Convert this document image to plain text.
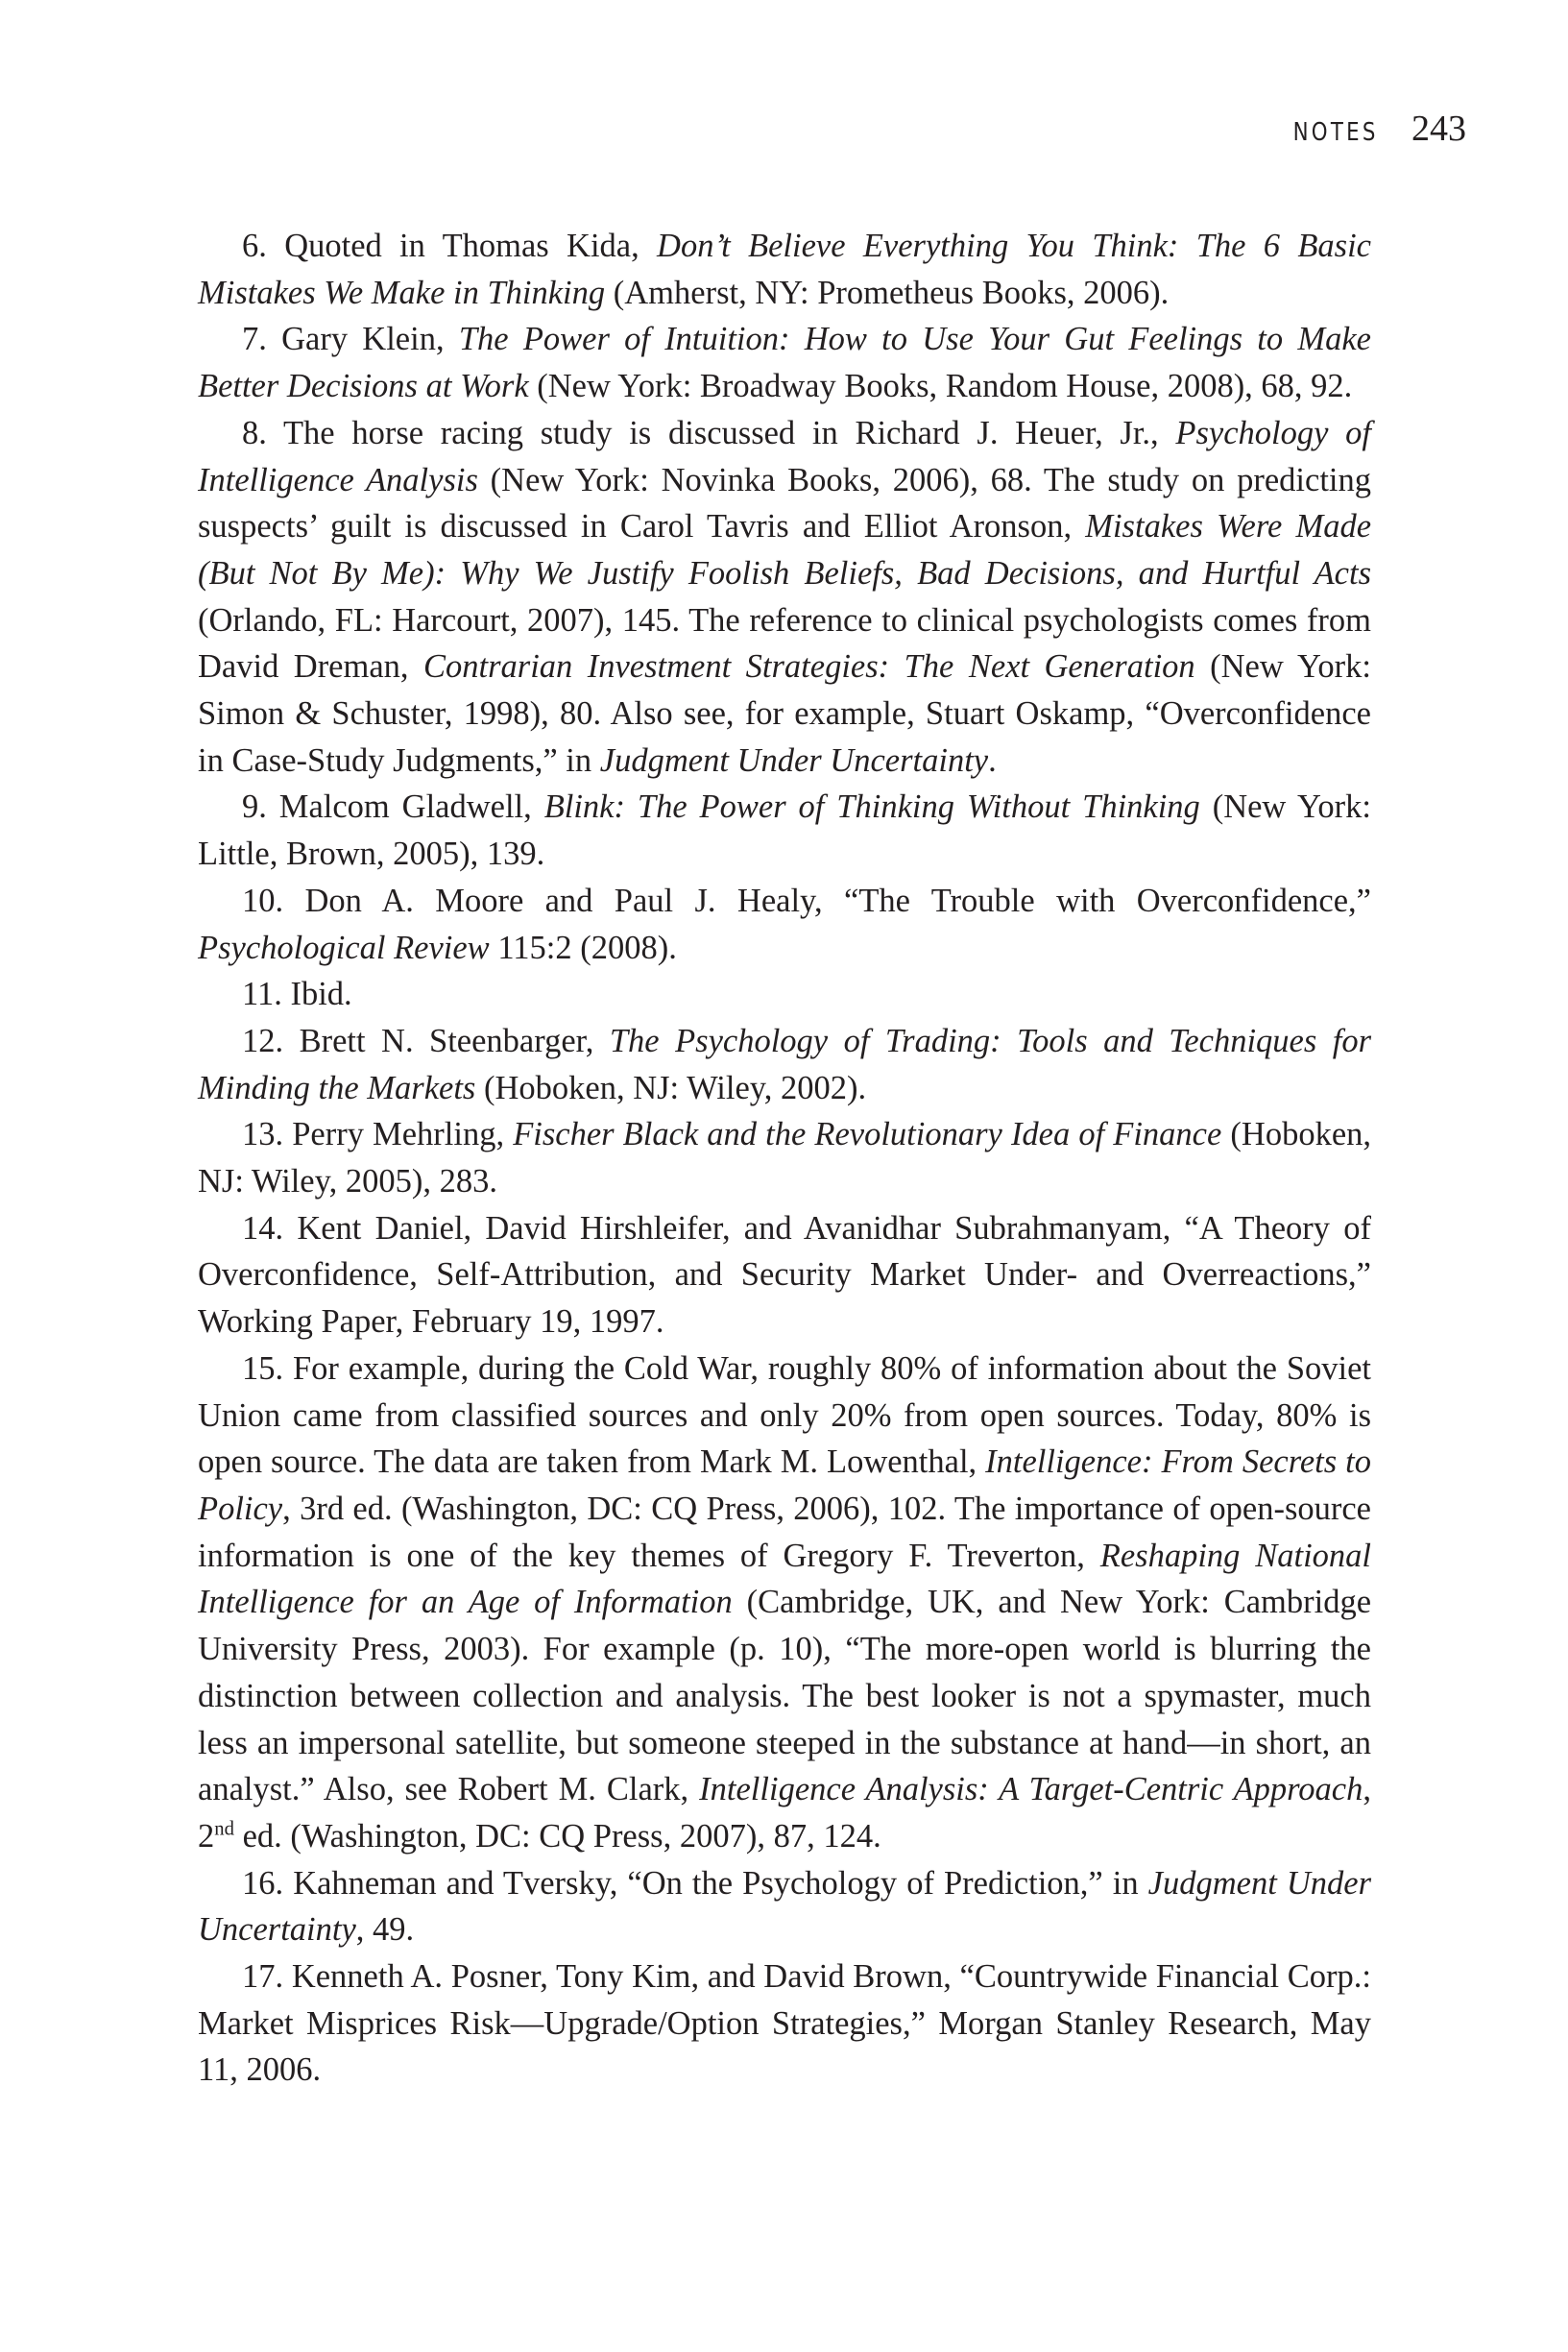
NOTES 243

6. Quoted in Thomas Kida, Don’t Believe Everything You Think: The 6 Basic Mistakes We Make in Thinking (Amherst, NY: Prometheus Books, 2006).

7. Gary Klein, The Power of Intuition: How to Use Your Gut Feelings to Make Better Decisions at Work (New York: Broadway Books, Random House, 2008), 68, 92.

8. The horse racing study is discussed in Richard J. Heuer, Jr., Psychology of Intelligence Analysis (New York: Novinka Books, 2006), 68. The study on predicting suspects’ guilt is discussed in Carol Tavris and Elliot Aronson, Mistakes Were Made (But Not By Me): Why We Justify Foolish Beliefs, Bad Decisions, and Hurtful Acts (Orlando, FL: Harcourt, 2007), 145. The reference to clinical psychologists comes from David Dreman, Contrarian Investment Strategies: The Next Generation (New York: Simon & Schuster, 1998), 80. Also see, for example, Stuart Oskamp, “Overconfidence in Case-Study Judgments,” in Judgment Under Uncertainty.

9. Malcom Gladwell, Blink: The Power of Thinking Without Thinking (New York: Little, Brown, 2005), 139.

10. Don A. Moore and Paul J. Healy, “The Trouble with Overconfidence,” Psychological Review 115:2 (2008).

11. Ibid.

12. Brett N. Steenbarger, The Psychology of Trading: Tools and Techniques for Minding the Markets (Hoboken, NJ: Wiley, 2002).

13. Perry Mehrling, Fischer Black and the Revolutionary Idea of Finance (Hoboken, NJ: Wiley, 2005), 283.

14. Kent Daniel, David Hirshleifer, and Avanidhar Subrahmanyam, “A Theory of Overconfidence, Self-Attribution, and Security Market Under- and Overreactions,” Working Paper, February 19, 1997.

15. For example, during the Cold War, roughly 80% of information about the Soviet Union came from classified sources and only 20% from open sources. Today, 80% is open source. The data are taken from Mark M. Lowenthal, Intelligence: From Secrets to Policy, 3rd ed. (Washington, DC: CQ Press, 2006), 102. The importance of open-source information is one of the key themes of Gregory F. Treverton, Reshaping National Intelligence for an Age of Information (Cambridge, UK, and New York: Cambridge University Press, 2003). For example (p. 10), “The more-open world is blurring the distinction between collection and analysis. The best looker is not a spymaster, much less an impersonal satellite, but someone steeped in the substance at hand—in short, an analyst.” Also, see Robert M. Clark, Intelligence Analysis: A Target-Centric Approach, 2nd ed. (Washington, DC: CQ Press, 2007), 87, 124.

16. Kahneman and Tversky, “On the Psychology of Prediction,” in Judgment Under Uncertainty, 49.

17. Kenneth A. Posner, Tony Kim, and David Brown, “Countrywide Financial Corp.: Market Misprices Risk—Upgrade/Option Strategies,” Morgan Stanley Research, May 11, 2006.
